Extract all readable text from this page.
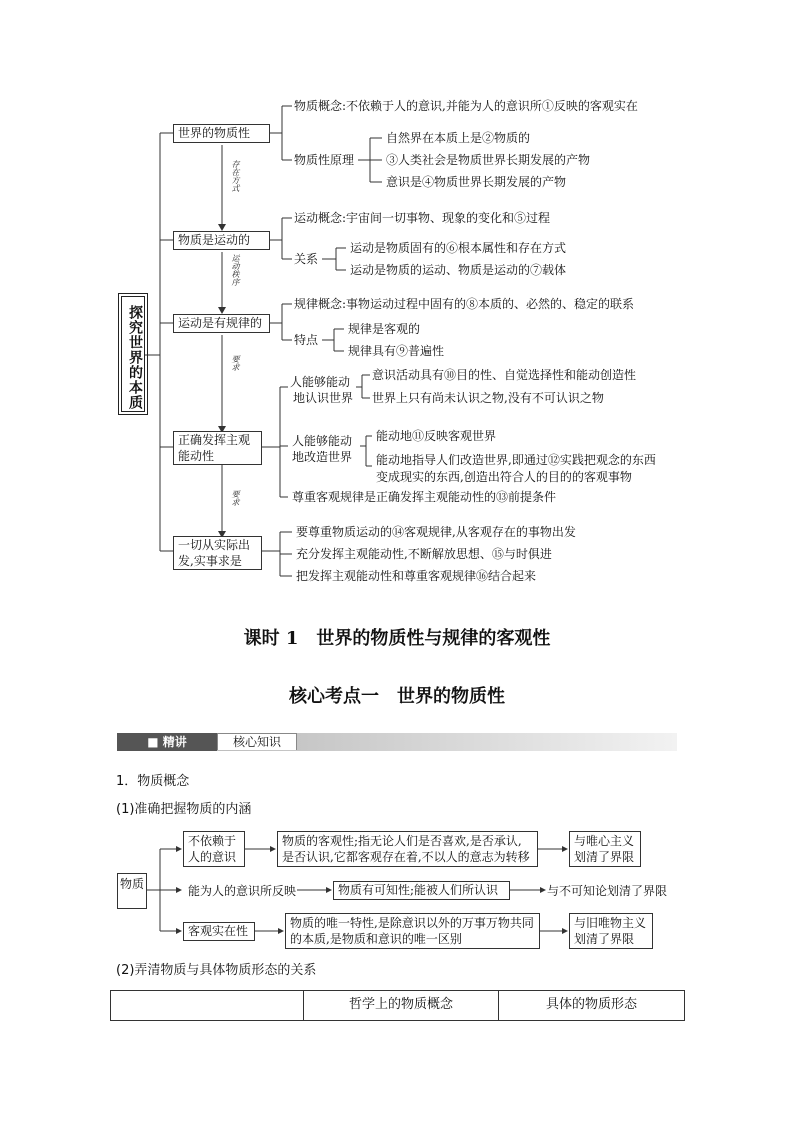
探究世界的本质
世界的物质性
物质概念:不依赖于人的意识,并能为人的意识所①反映的客观实在
物质性原理
自然界在本质上是②物质的
③人类社会是物质世界长期发展的产物
意识是④物质世界长期发展的产物
存在方式
物质是运动的
运动概念:宇宙间一切事物、现象的变化和⑤过程
关系
运动是物质固有的⑥根本属性和存在方式
运动是物质的运动、物质是运动的⑦载体
运动秩序
运动是有规律的
规律概念:事物运动过程中固有的⑧本质的、必然的、稳定的联系
特点
规律是客观的
规律具有⑨普遍性
要求
正确发挥主观
能动性
人能够能动
地认识世界
意识活动具有⑩目的性、自觉选择性和能动创造性
世界上只有尚未认识之物,没有不可认识之物
人能够能动
地改造世界
能动地⑪反映客观世界
能动地指导人们改造世界,即通过⑫实践把观念的东西
变成现实的东西,创造出符合人的目的的客观事物
尊重客观规律是正确发挥主观能动性的⑬前提条件
要求
一切从实际出
发,实事求是
要尊重物质运动的⑭客观规律,从客观存在的事物出发
充分发挥主观能动性,不断解放思想、⑮与时俱进
把发挥主观能动性和尊重客观规律⑯结合起来
课时 1　世界的物质性与规律的客观性
核心考点一　世界的物质性
■ 精讲	核心知识
1．物质概念
(1)准确把握物质的内涵
物质
不依赖于
人的意识
物质的客观性;指无论人们是否喜欢,是否承认,
是否认识,它都客观存在着,不以人的意志为转移
与唯心主义
划清了界限
能为人的意识所反映	物质有可知性;能被人们所认识	与不可知论划清了界限
客观实在性
物质的唯一特性,是除意识以外的万事万物共同
的本质,是物质和意识的唯一区别
与旧唯物主义
划清了界限
(2)弄清物质与具体物质形态的关系
	哲学上的物质概念	具体的物质形态
